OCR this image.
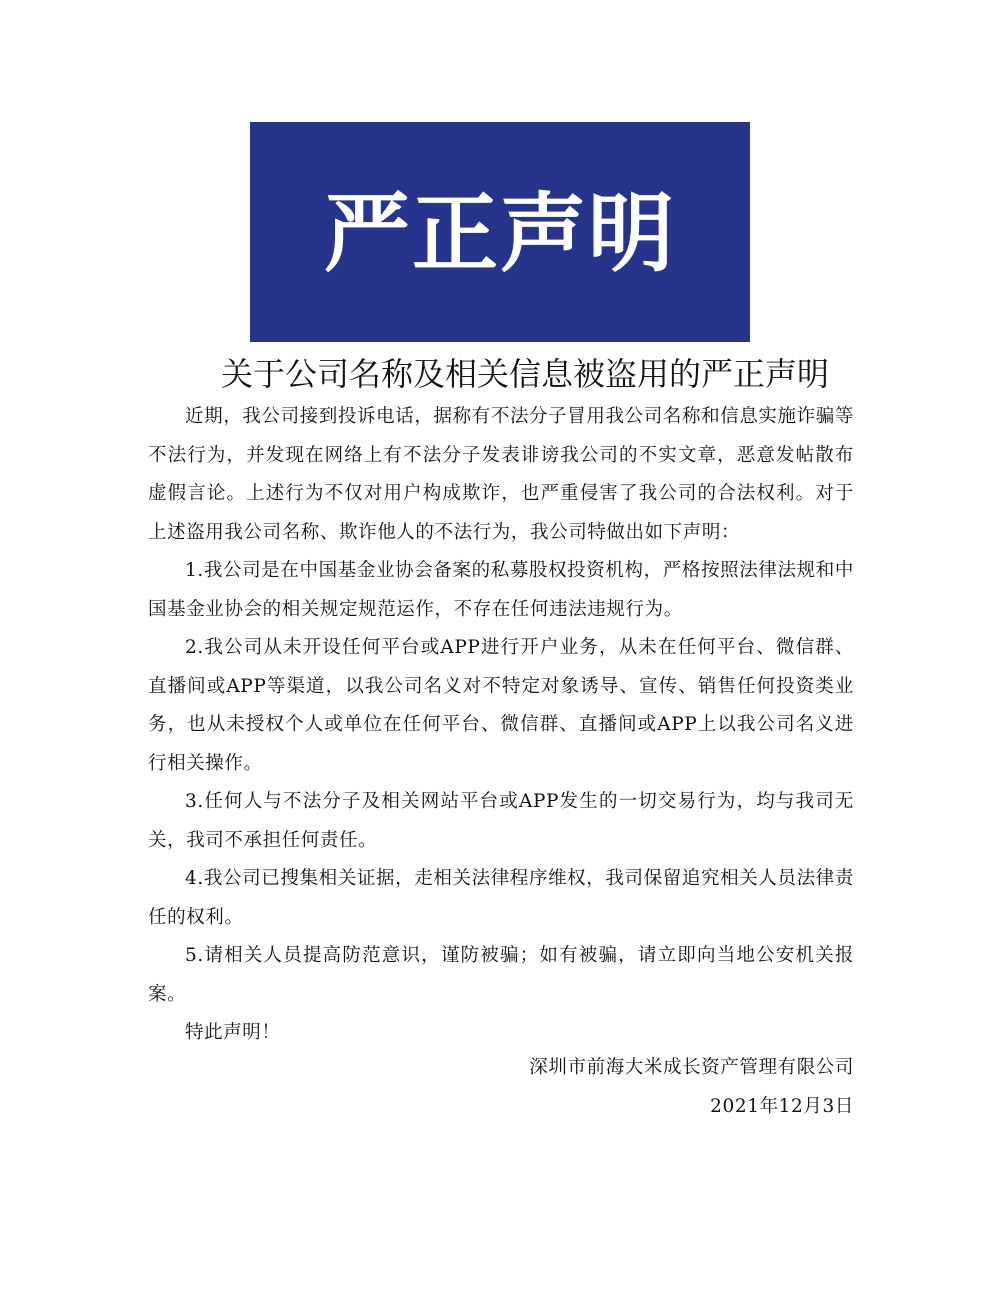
严正声明
关于公司名称及相关信息被盗用的严正声明

近期，我公司接到投诉电话，据称有不法分子冒用我公司名称和信息实施诈骗等不法行为，并发现在网络上有不法分子发表诽谤我公司的不实文章，恶意发帖散布虚假言论。上述行为不仅对用户构成欺诈，也严重侵害了我公司的合法权利。对于上述盗用我公司名称、欺诈他人的不法行为，我公司特做出如下声明：

1.我公司是在中国基金业协会备案的私募股权投资机构，严格按照法律法规和中国基金业协会的相关规定规范运作，不存在任何违法违规行为。

2.我公司从未开设任何平台或APP进行开户业务，从未在任何平台、微信群、直播间或APP等渠道，以我公司名义对不特定对象诱导、宣传、销售任何投资类业务，也从未授权个人或单位在任何平台、微信群、直播间或APP上以我公司名义进行相关操作。

3.任何人与不法分子及相关网站平台或APP发生的一切交易行为，均与我司无关，我司不承担任何责任。

4.我公司已搜集相关证据，走相关法律程序维权，我司保留追究相关人员法律责任的权利。

5.请相关人员提高防范意识，谨防被骗；如有被骗，请立即向当地公安机关报案。

特此声明！

深圳市前海大米成长资产管理有限公司
2021年12月3日
